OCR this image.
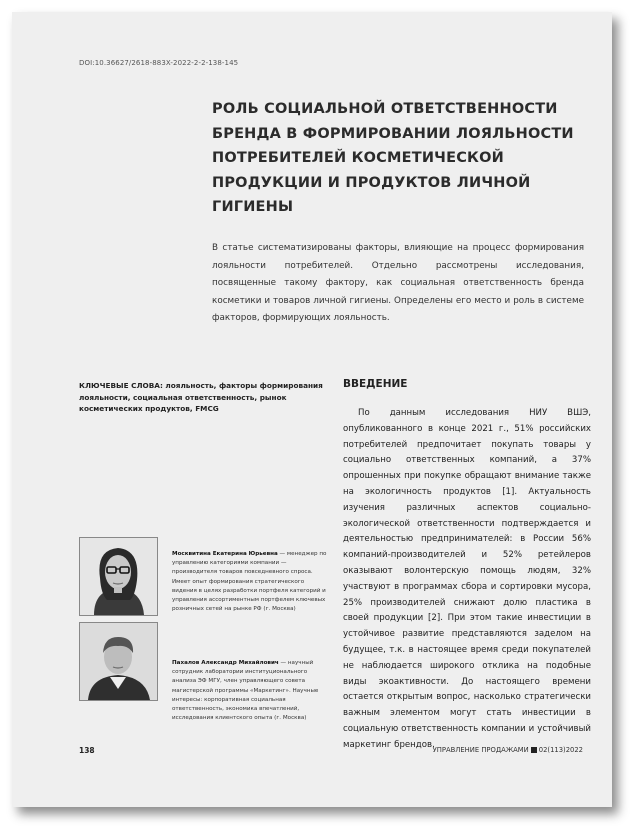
DOI:10.36627/2618-883X-2022-2-2-138-145
РОЛЬ СОЦИАЛЬНОЙ ОТВЕТСТВЕННОСТИ БРЕНДА В ФОРМИРОВАНИИ ЛОЯЛЬНОСТИ ПОТРЕБИТЕЛЕЙ КОСМЕТИЧЕСКОЙ ПРОДУКЦИИ И ПРОДУКТОВ ЛИЧНОЙ ГИГИЕНЫ
В статье систематизированы факторы, влияющие на процесс формирования лояльности потребителей. Отдельно рассмотрены исследования, посвященные такому фактору, как социальная ответственность бренда косметики и товаров личной гигиены. Определены его место и роль в системе факторов, формирующих лояльность.
КЛЮЧЕВЫЕ СЛОВА: лояльность, факторы формирования лояльности, социальная ответственность, рынок косметических продуктов, FMCG
ВВЕДЕНИЕ
По данным исследования НИУ ВШЭ, опубликованного в конце 2021 г., 51% российских потребителей предпочитает покупать товары у социально ответственных компаний, а 37% опрошенных при покупке обращают внимание также на экологичность продуктов [1]. Актуальность изучения различных аспектов социально-экологической ответственности подтверждается и деятельностью предпринимателей: в России 56% компаний-производителей и 52% ретейлеров оказывают волонтерскую помощь людям, 32% участвуют в программах сбора и сортировки мусора, 25% производителей снижают долю пластика в своей продукции [2]. При этом такие инвестиции в устойчивое развитие представляются заделом на будущее, т.к. в настоящее время среди покупателей не наблюдается широкого отклика на подобные виды экоактивности. До настоящего времени остается открытым вопрос, насколько стратегически важным элементом могут стать инвестиции в социальную ответственность компании и устойчивый маркетинг брендов.
Москвитина Екатерина Юрьевна — менеджер по управлению категориями компании — производителя товаров повседневного спроса. Имеет опыт формирования стратегического видения в целях разработки портфеля категорий и управления ассортиментным портфелем ключевых розничных сетей на рынке РФ (г. Москва)
Пахалов Александр Михайлович — научный сотрудник лаборатории институционального анализа ЭФ МГУ, член управляющего совета магистерской программы «Маркетинг». Научные интересы: корпоративная социальная ответственность, экономика впечатлений, исследования клиентского опыта (г. Москва)
138	УПРАВЛЕНИЕ ПРОДАЖАМИ 02(113)2022
